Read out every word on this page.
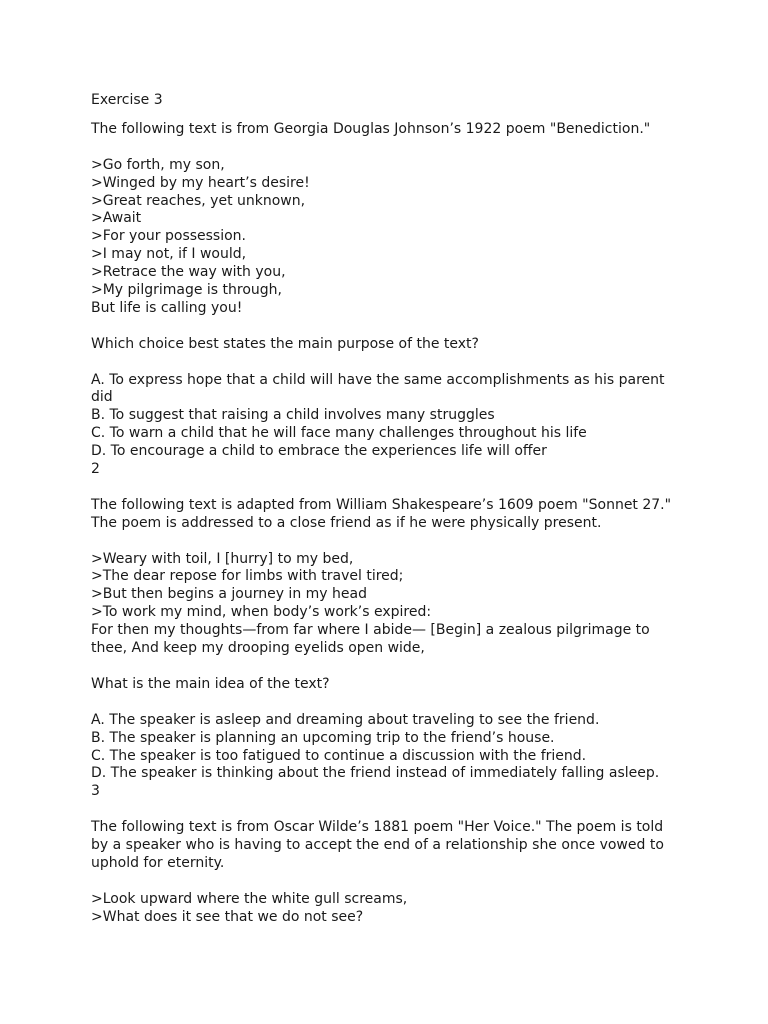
Exercise 3
The following text is from Georgia Douglas Johnson’s 1922 poem "Benediction."
>Go forth, my son,
>Winged by my heart’s desire!
>Great reaches, yet unknown,
>Await
>For your possession.
>I may not, if I would,
>Retrace the way with you,
>My pilgrimage is through,
But life is calling you!
Which choice best states the main purpose of the text?
A. To express hope that a child will have the same accomplishments as his parent did
B. To suggest that raising a child involves many struggles
C. To warn a child that he will face many challenges throughout his life
D. To encourage a child to embrace the experiences life will offer
2
The following text is adapted from William Shakespeare’s 1609 poem "Sonnet 27." The poem is addressed to a close friend as if he were physically present.
>Weary with toil, I [hurry] to my bed,
>The dear repose for limbs with travel tired;
>But then begins a journey in my head
>To work my mind, when body’s work’s expired:
For then my thoughts—from far where I abide— [Begin] a zealous pilgrimage to thee, And keep my drooping eyelids open wide,
What is the main idea of the text?
A. The speaker is asleep and dreaming about traveling to see the friend.
B. The speaker is planning an upcoming trip to the friend’s house.
C. The speaker is too fatigued to continue a discussion with the friend.
D. The speaker is thinking about the friend instead of immediately falling asleep.
3
The following text is from Oscar Wilde’s 1881 poem "Her Voice." The poem is told by a speaker who is having to accept the end of a relationship she once vowed to uphold for eternity.
>Look upward where the white gull screams,
>What does it see that we do not see?
